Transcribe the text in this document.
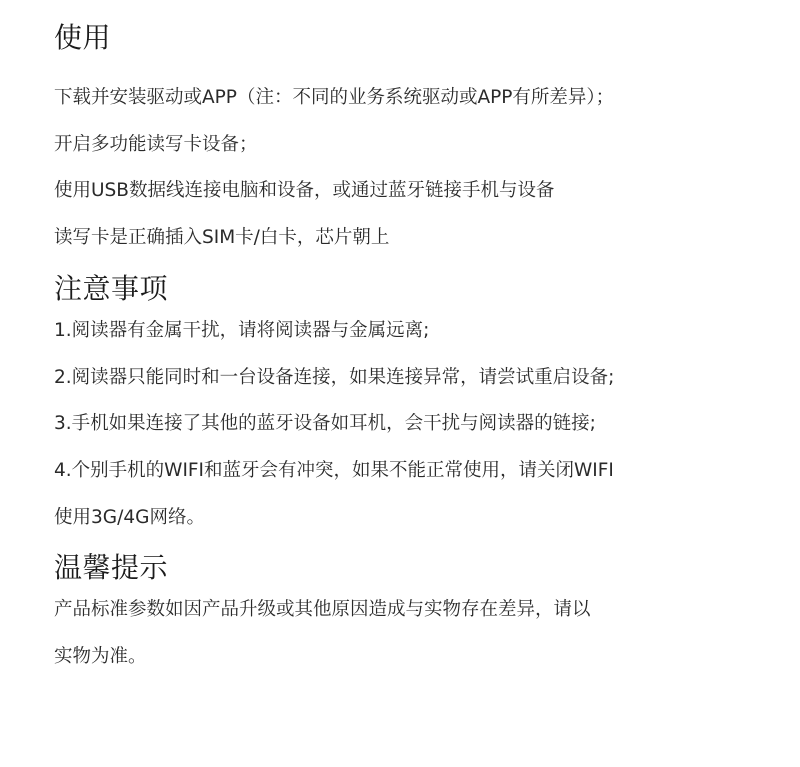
使用

下载并安装驱动或APP（注：不同的业务系统驱动或APP有所差异）；

开启多功能读写卡设备；

使用USB数据线连接电脑和设备，或通过蓝牙链接手机与设备

读写卡是正确插入SIM卡/白卡，芯片朝上

注意事项

1.阅读器有金属干扰，请将阅读器与金属远离;

2.阅读器只能同时和一台设备连接，如果连接异常，请尝试重启设备;

3.手机如果连接了其他的蓝牙设备如耳机，会干扰与阅读器的链接;

4.个别手机的WIFI和蓝牙会有冲突，如果不能正常使用，请关闭WIFI

使用3G/4G网络。

温馨提示

产品标准参数如因产品升级或其他原因造成与实物存在差异，请以

实物为准。
